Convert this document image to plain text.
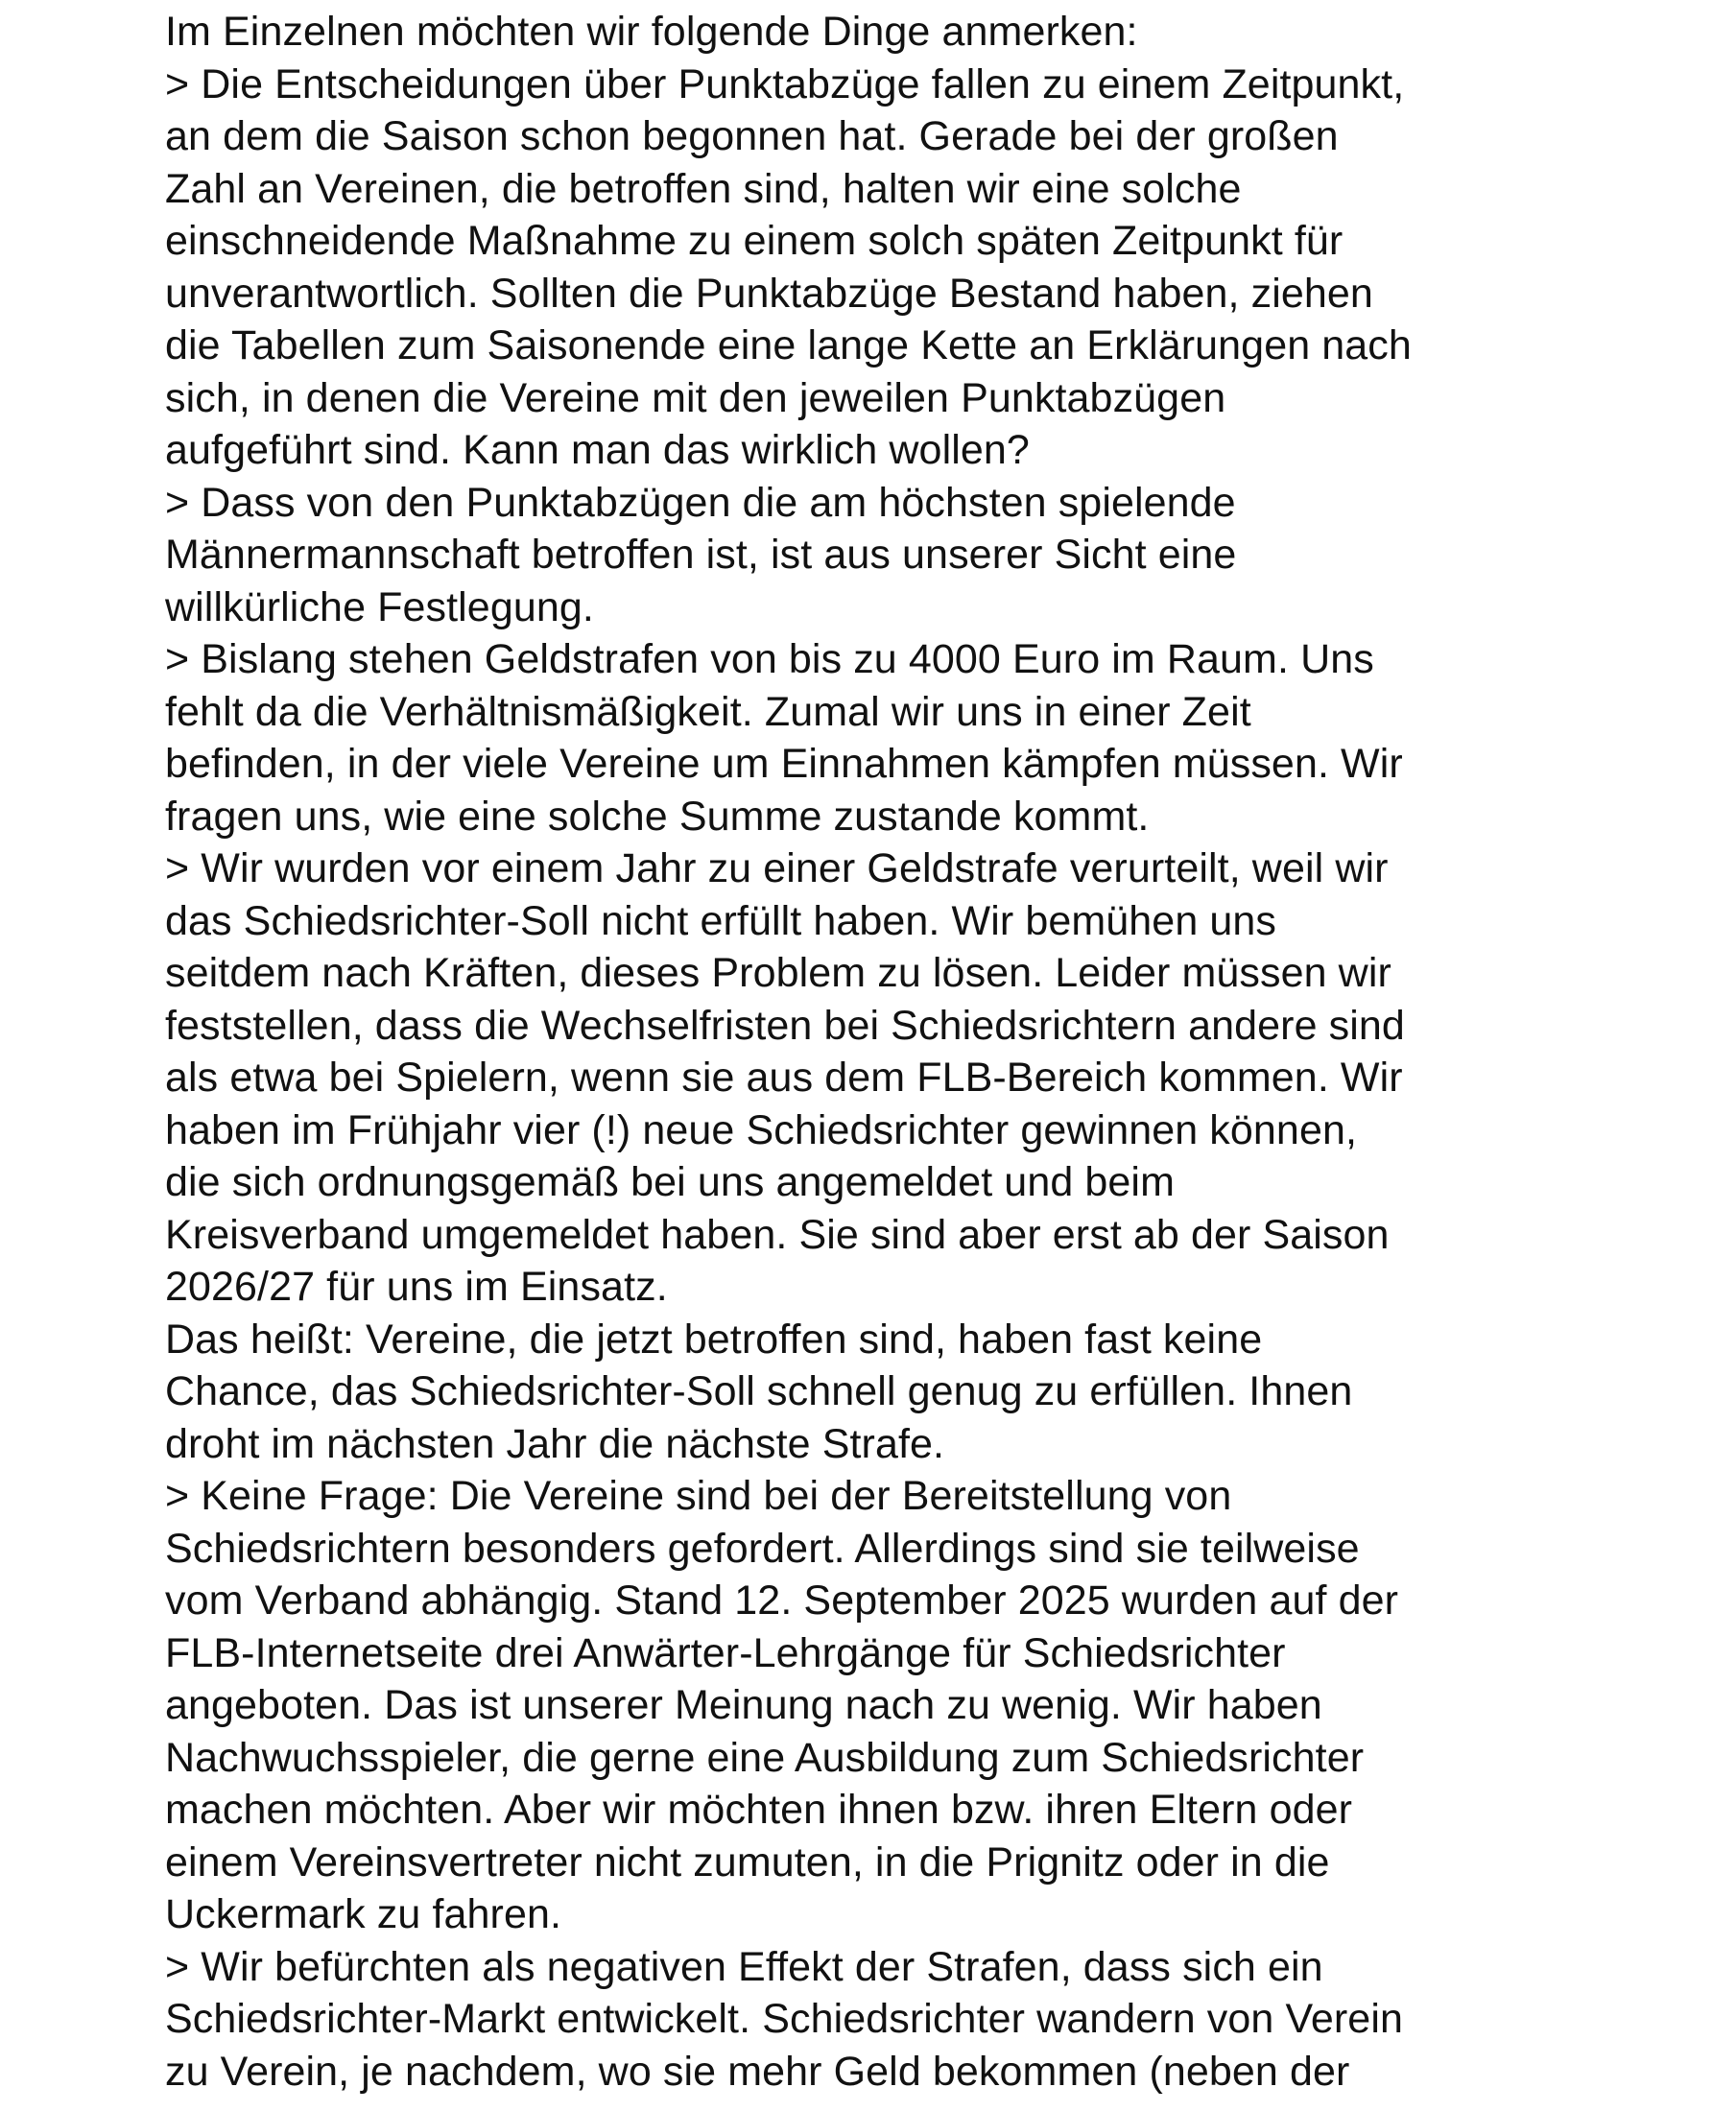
Im Einzelnen möchten wir folgende Dinge anmerken:
> Die Entscheidungen über Punktabzüge fallen zu einem Zeitpunkt,
an dem die Saison schon begonnen hat. Gerade bei der großen
Zahl an Vereinen, die betroffen sind, halten wir eine solche
einschneidende Maßnahme zu einem solch späten Zeitpunkt für
unverantwortlich. Sollten die Punktabzüge Bestand haben, ziehen
die Tabellen zum Saisonende eine lange Kette an Erklärungen nach
sich, in denen die Vereine mit den jeweilen Punktabzügen
aufgeführt sind. Kann man das wirklich wollen?
> Dass von den Punktabzügen die am höchsten spielende
Männermannschaft betroffen ist, ist aus unserer Sicht eine
willkürliche Festlegung.
> Bislang stehen Geldstrafen von bis zu 4000 Euro im Raum. Uns
fehlt da die Verhältnismäßigkeit. Zumal wir uns in einer Zeit
befinden, in der viele Vereine um Einnahmen kämpfen müssen. Wir
fragen uns, wie eine solche Summe zustande kommt.
> Wir wurden vor einem Jahr zu einer Geldstrafe verurteilt, weil wir
das Schiedsrichter-Soll nicht erfüllt haben. Wir bemühen uns
seitdem nach Kräften, dieses Problem zu lösen. Leider müssen wir
feststellen, dass die Wechselfristen bei Schiedsrichtern andere sind
als etwa bei Spielern, wenn sie aus dem FLB-Bereich kommen. Wir
haben im Frühjahr vier (!) neue Schiedsrichter gewinnen können,
die sich ordnungsgemäß bei uns angemeldet und beim
Kreisverband umgemeldet haben. Sie sind aber erst ab der Saison
2026/27 für uns im Einsatz.
Das heißt: Vereine, die jetzt betroffen sind, haben fast keine
Chance, das Schiedsrichter-Soll schnell genug zu erfüllen. Ihnen
droht im nächsten Jahr die nächste Strafe.
> Keine Frage: Die Vereine sind bei der Bereitstellung von
Schiedsrichtern besonders gefordert. Allerdings sind sie teilweise
vom Verband abhängig. Stand 12. September 2025 wurden auf der
FLB-Internetseite drei Anwärter-Lehrgänge für Schiedsrichter
angeboten. Das ist unserer Meinung nach zu wenig. Wir haben
Nachwuchsspieler, die gerne eine Ausbildung zum Schiedsrichter
machen möchten. Aber wir möchten ihnen bzw. ihren Eltern oder
einem Vereinsvertreter nicht zumuten, in die Prignitz oder in die
Uckermark zu fahren.
> Wir befürchten als negativen Effekt der Strafen, dass sich ein
Schiedsrichter-Markt entwickelt. Schiedsrichter wandern von Verein
zu Verein, je nachdem, wo sie mehr Geld bekommen (neben der
